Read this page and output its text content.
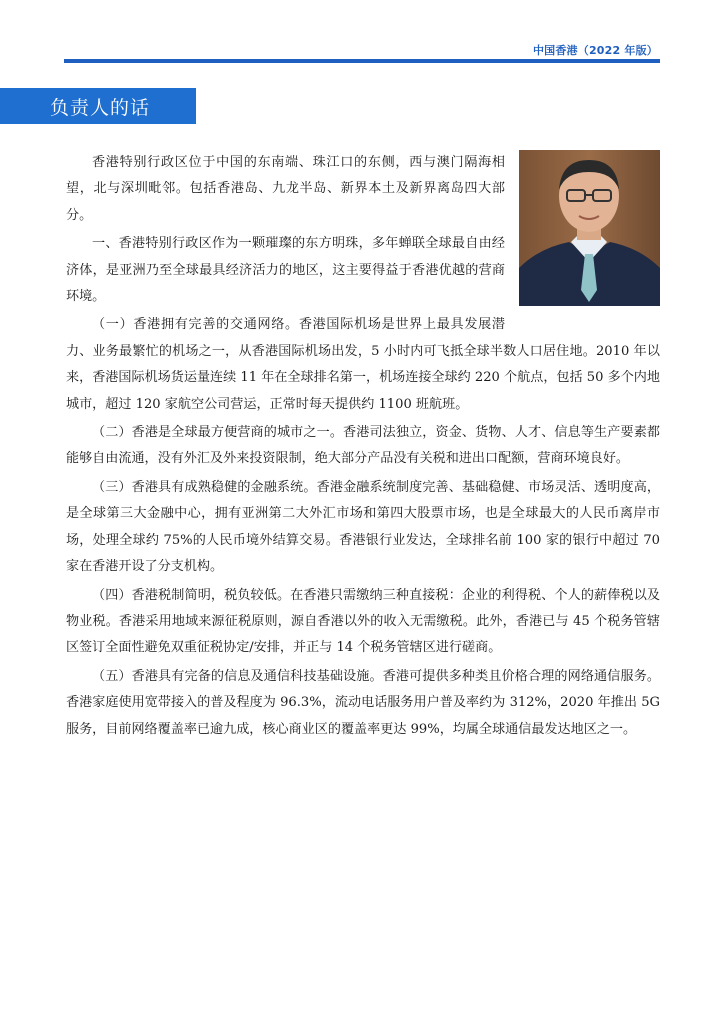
中国香港（2022 年版）
负责人的话

香港特别行政区位于中国的东南端、珠江口的东侧，西与澳门隔海相望，北与深圳毗邻。包括香港岛、九龙半岛、新界本土及新界离岛四大部分。

一、香港特别行政区作为一颗璀璨的东方明珠，多年蝉联全球最自由经济体，是亚洲乃至全球最具经济活力的地区，这主要得益于香港优越的营商环境。

（一）香港拥有完善的交通网络。香港国际机场是世界上最具发展潜力、业务最繁忙的机场之一，从香港国际机场出发，5 小时内可飞抵全球半数人口居住地。2010 年以来，香港国际机场货运量连续 11 年在全球排名第一，机场连接全球约 220 个航点，包括 50 多个内地城市，超过 120 家航空公司营运，正常时每天提供约 1100 班航班。

（二）香港是全球最方便营商的城市之一。香港司法独立，资金、货物、人才、信息等生产要素都能够自由流通，没有外汇及外来投资限制，绝大部分产品没有关税和进出口配额，营商环境良好。

（三）香港具有成熟稳健的金融系统。香港金融系统制度完善、基础稳健、市场灵活、透明度高，是全球第三大金融中心，拥有亚洲第二大外汇市场和第四大股票市场，也是全球最大的人民币离岸市场，处理全球约 75%的人民币境外结算交易。香港银行业发达，全球排名前 100 家的银行中超过 70 家在香港开设了分支机构。

（四）香港税制简明，税负较低。在香港只需缴纳三种直接税：企业的利得税、个人的薪俸税以及物业税。香港采用地域来源征税原则，源自香港以外的收入无需缴税。此外，香港已与 45 个税务管辖区签订全面性避免双重征税协定/安排，并正与 14 个税务管辖区进行磋商。

（五）香港具有完备的信息及通信科技基础设施。香港可提供多种类且价格合理的网络通信服务。香港家庭使用宽带接入的普及程度为 96.3%，流动电话服务用户普及率约为 312%，2020 年推出 5G 服务，目前网络覆盖率已逾九成，核心商业区的覆盖率更达 99%，均属全球通信最发达地区之一。
